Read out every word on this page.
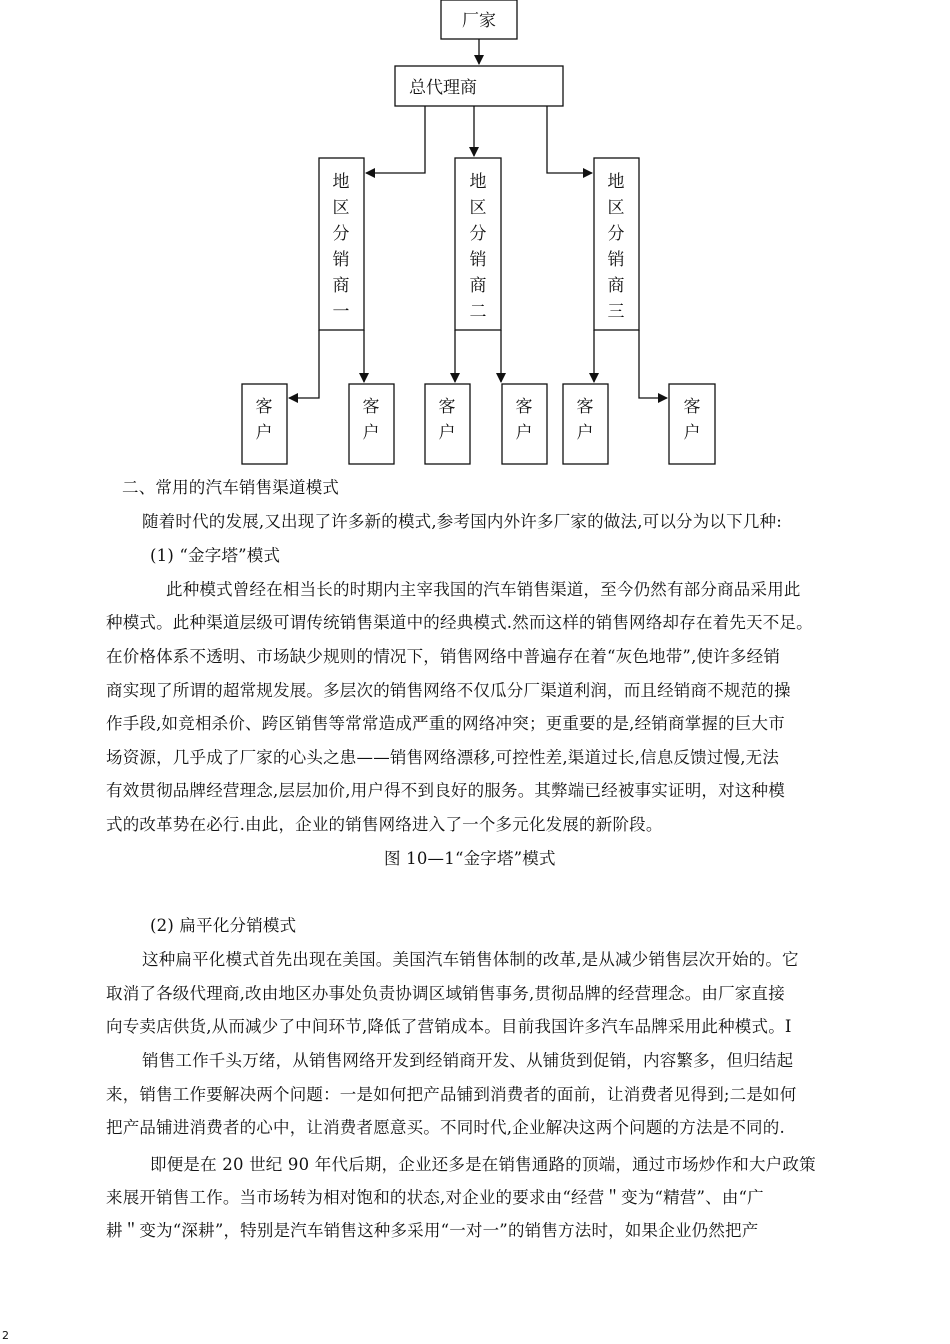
厂家
总代理商
地
区
分
销
商
一
地
区
分
销
商
二
地
区
分
销
商
三
客
户
客
户
客
户
客
户
客
户
客
户
二、常用的汽车销售渠道模式
随着时代的发展,又出现了许多新的模式,参考国内外许多厂家的做法,可以分为以下几种:
(1) “金字塔”模式
此种模式曾经在相当长的时期内主宰我国的汽车销售渠道，至今仍然有部分商品采用此
种模式。此种渠道层级可谓传统销售渠道中的经典模式.然而这样的销售网络却存在着先天不足。
在价格体系不透明、市场缺少规则的情况下，销售网络中普遍存在着“灰色地带”,使许多经销
商实现了所谓的超常规发展。多层次的销售网络不仅瓜分厂渠道利润，而且经销商不规范的操
作手段,如竞相杀价、跨区销售等常常造成严重的网络冲突；更重要的是,经销商掌握的巨大市
场资源，几乎成了厂家的心头之患——销售网络漂移,可控性差,渠道过长,信息反馈过慢,无法
有效贯彻品牌经营理念,层层加价,用户得不到良好的服务。其弊端已经被事实证明，对这种模
式的改革势在必行.由此，企业的销售网络进入了一个多元化发展的新阶段。
图 10—1“金字塔”模式
(2) 扁平化分销模式
这种扁平化模式首先出现在美国。美国汽车销售体制的改革,是从减少销售层次开始的。它
取消了各级代理商,改由地区办事处负责协调区域销售事务,贯彻品牌的经营理念。由厂家直接
向专卖店供货,从而减少了中间环节,降低了营销成本。目前我国许多汽车品牌采用此种模式。I
销售工作千头万绪，从销售网络开发到经销商开发、从铺货到促销，内容繁多，但归结起
来，销售工作要解决两个问题：一是如何把产品铺到消费者的面前，让消费者见得到;二是如何
把产品铺进消费者的心中，让消费者愿意买。不同时代,企业解决这两个问题的方法是不同的.
即便是在 20 世纪 90 年代后期，企业还多是在销售通路的顶端，通过市场炒作和大户政策
来展开销售工作。当市场转为相对饱和的状态,对企业的要求由“经营＂变为“精营”、由“广
耕＂变为“深耕”，特别是汽车销售这种多采用“一对一”的销售方法时，如果企业仍然把产
2
